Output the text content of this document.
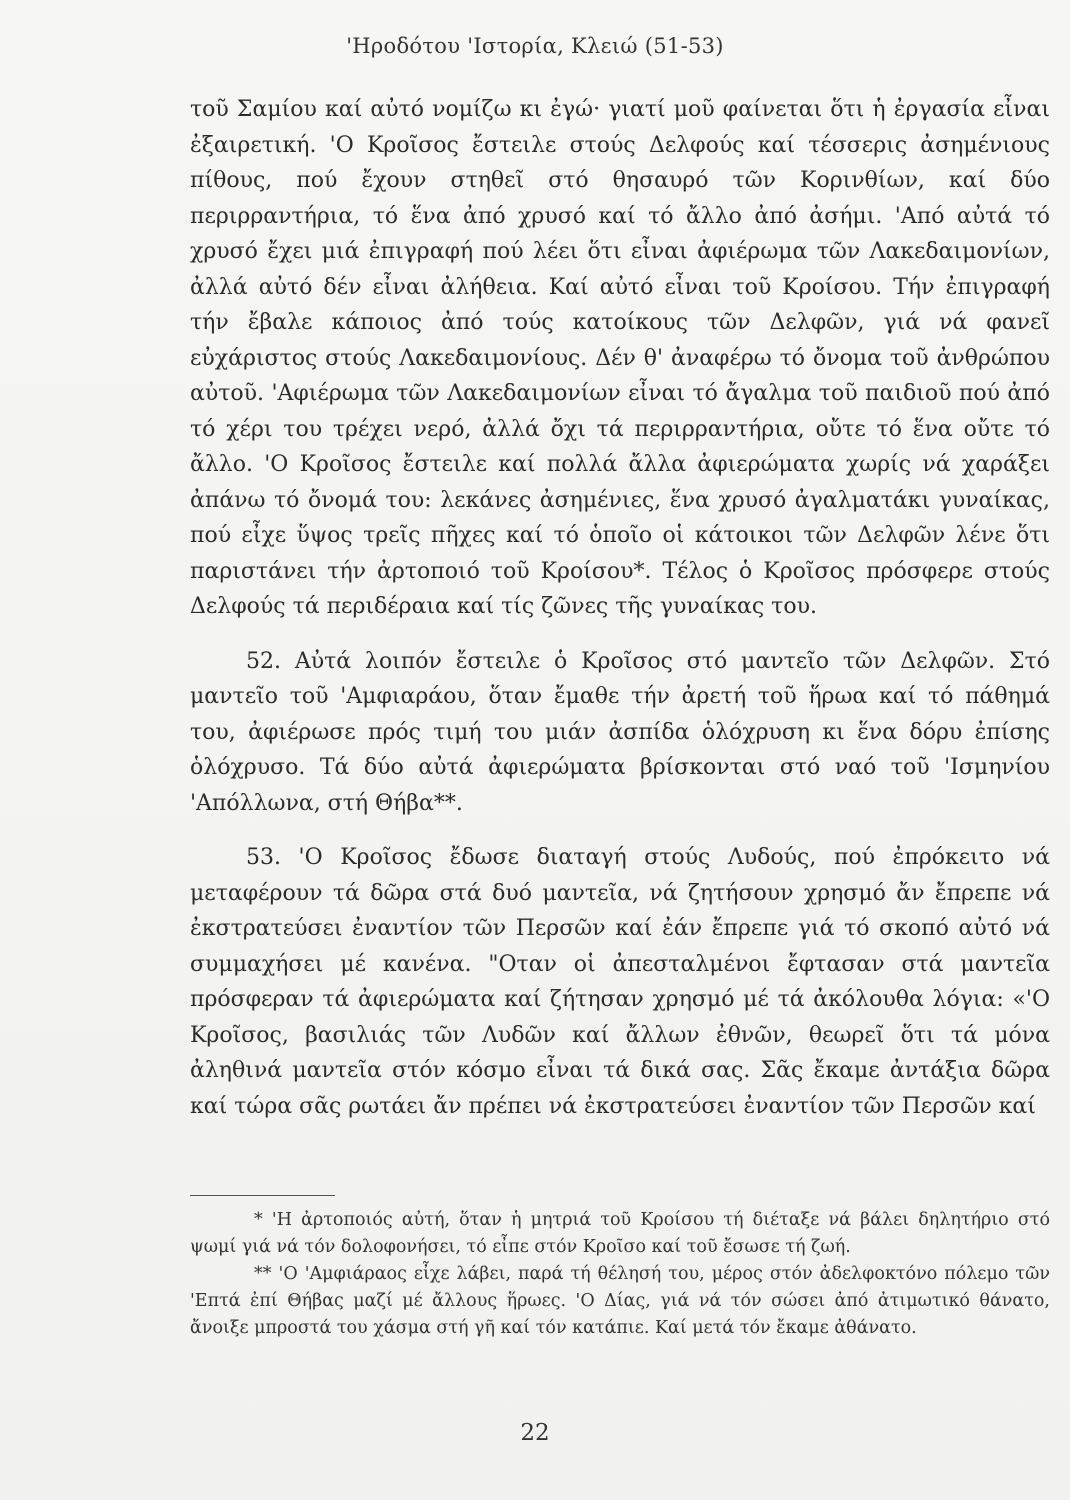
'Ηροδότου 'Ιστορία, Κλειώ (51-53)

τοῦ Σαμίου καί αὐτό νομίζω κι ἐγώ· γιατί μοῦ φαίνεται ὅτι ἡ ἐργασία εἶναι ἐξαιρετική. 'Ο Κροῖσος ἔστειλε στούς Δελφούς καί τέσσερις ἀσημένιους πίθους, πού ἔχουν στηθεῖ στό θησαυρό τῶν Κορινθίων, καί δύο περιρραντήρια, τό ἕνα ἀπό χρυσό καί τό ἄλλο ἀπό ἀσήμι. 'Από αὐτά τό χρυσό ἔχει μιά ἐπιγραφή πού λέει ὅτι εἶναι ἀφιέρωμα τῶν Λακεδαιμονίων, ἀλλά αὐτό δέν εἶναι ἀλήθεια. Καί αὐτό εἶναι τοῦ Κροίσου. Τήν ἐπιγραφή τήν ἔβαλε κάποιος ἀπό τούς κατοίκους τῶν Δελφῶν, γιά νά φανεῖ εὐχάριστος στούς Λακεδαιμονίους. Δέν θ' ἀναφέρω τό ὄνομα τοῦ ἀνθρώπου αὐτοῦ. 'Αφιέρωμα τῶν Λακεδαιμονίων εἶναι τό ἄγαλμα τοῦ παιδιοῦ πού ἀπό τό χέρι του τρέχει νερό, ἀλλά ὄχι τά περιρραντήρια, οὔτε τό ἕνα οὔτε τό ἄλλο. 'Ο Κροῖσος ἔστειλε καί πολλά ἄλλα ἀφιερώματα χωρίς νά χαράξει ἀπάνω τό ὄνομά του: λεκάνες ἀσημένιες, ἕνα χρυσό ἀγαλματάκι γυναίκας, πού εἶχε ὕψος τρεῖς πῆχες καί τό ὁποῖο οἱ κάτοικοι τῶν Δελφῶν λένε ὅτι παριστάνει τήν ἀρτοποιό τοῦ Κροίσου*. Τέλος ὁ Κροῖσος πρόσφερε στούς Δελφούς τά περιδέραια καί τίς ζῶνες τῆς γυναίκας του.

52. Αὐτά λοιπόν ἔστειλε ὁ Κροῖσος στό μαντεῖο τῶν Δελφῶν. Στό μαντεῖο τοῦ 'Αμφιαράου, ὅταν ἔμαθε τήν ἀρετή τοῦ ἥρωα καί τό πάθημά του, ἀφιέρωσε πρός τιμή του μιάν ἀσπίδα ὁλόχρυση κι ἕνα δόρυ ἐπίσης ὁλόχρυσο. Τά δύο αὐτά ἀφιερώματα βρίσκονται στό ναό τοῦ 'Ισμηνίου 'Απόλλωνα, στή Θήβα**.

53. 'Ο Κροῖσος ἔδωσε διαταγή στούς Λυδούς, πού ἐπρόκειτο νά μεταφέρουν τά δῶρα στά δυό μαντεῖα, νά ζητήσουν χρησμό ἄν ἔπρεπε νά ἐκστρατεύσει ἐναντίον τῶν Περσῶν καί ἐάν ἔπρεπε γιά τό σκοπό αὐτό νά συμμαχήσει μέ κανένα. "Οταν οἱ ἀπεσταλμένοι ἔφτασαν στά μαντεῖα πρόσφεραν τά ἀφιερώματα καί ζήτησαν χρησμό μέ τά ἀκόλουθα λόγια: «'Ο Κροῖσος, βασιλιάς τῶν Λυδῶν καί ἄλλων ἐθνῶν, θεωρεῖ ὅτι τά μόνα ἀληθινά μαντεῖα στόν κόσμο εἶναι τά δικά σας. Σᾶς ἔκαμε ἀντάξια δῶρα καί τώρα σᾶς ρωτάει ἄν πρέπει νά ἐκστρατεύσει ἐναντίον τῶν Περσῶν καί

* 'Η ἀρτοποιός αὐτή, ὅταν ἡ μητριά τοῦ Κροίσου τή διέταξε νά βάλει δηλητήριο στό ψωμί γιά νά τόν δολοφονήσει, τό εἶπε στόν Κροῖσο καί τοῦ ἔσωσε τή ζωή.

** 'Ο 'Αμφιάραος εἶχε λάβει, παρά τή θέλησή του, μέρος στόν ἀδελφοκτόνο πόλεμο τῶν 'Επτά ἐπί Θήβας μαζί μέ ἄλλους ἥρωες. 'Ο Δίας, γιά νά τόν σώσει ἀπό ἀτιμωτικό θάνατο, ἄνοιξε μπροστά του χάσμα στή γῆ καί τόν κατάπιε. Καί μετά τόν ἔκαμε ἀθάνατο.

22
